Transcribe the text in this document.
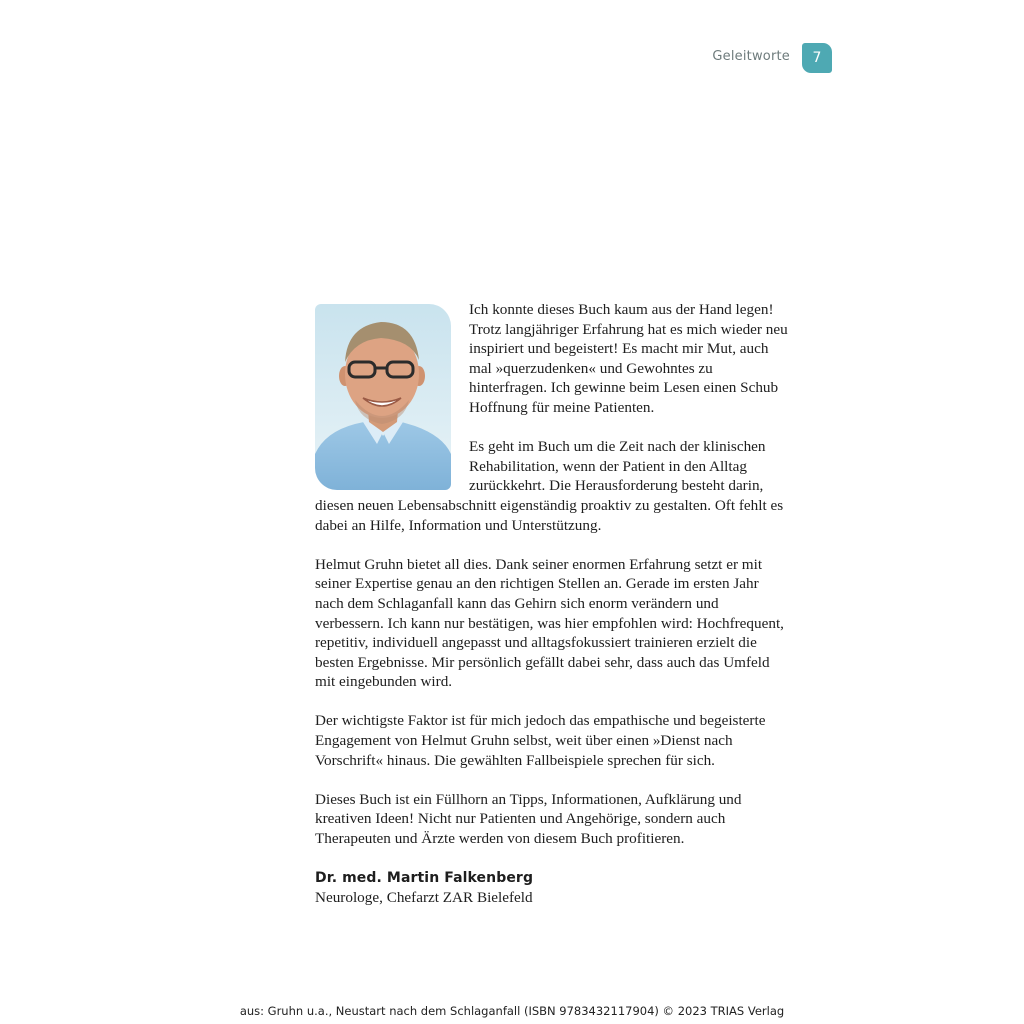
Geleitworte	7

Ich konnte dieses Buch kaum aus der Hand legen! Trotz langjähriger Erfahrung hat es mich wieder neu inspiriert und begeistert! Es macht mir Mut, auch mal »querzudenken« und Gewohntes zu hinterfragen. Ich gewinne beim Lesen einen Schub Hoffnung für meine Patienten.

Es geht im Buch um die Zeit nach der klinischen Rehabilitation, wenn der Patient in den Alltag zurückkehrt. Die Herausforderung besteht darin, diesen neuen Lebensabschnitt eigenständig proaktiv zu gestalten. Oft fehlt es dabei an Hilfe, Information und Unterstützung.

Helmut Gruhn bietet all dies. Dank seiner enormen Erfahrung setzt er mit seiner Expertise genau an den richtigen Stellen an. Gerade im ersten Jahr nach dem Schlaganfall kann das Gehirn sich enorm verändern und verbessern. Ich kann nur bestätigen, was hier empfohlen wird: Hochfrequent, repetitiv, individuell angepasst und alltagsfokussiert trainieren erzielt die besten Ergebnisse. Mir persönlich gefällt dabei sehr, dass auch das Umfeld mit eingebunden wird.

Der wichtigste Faktor ist für mich jedoch das empathische und begeisterte Engagement von Helmut Gruhn selbst, weit über einen »Dienst nach Vorschrift« hinaus. Die gewählten Fallbeispiele sprechen für sich.

Dieses Buch ist ein Füllhorn an Tipps, Informationen, Aufklärung und kreativen Ideen! Nicht nur Patienten und Angehörige, sondern auch Therapeuten und Ärzte werden von diesem Buch profitieren.

Dr. med. Martin Falkenberg
Neurologe, Chefarzt ZAR Bielefeld
aus: Gruhn u.a., Neustart nach dem Schlaganfall (ISBN 9783432117904) © 2023 TRIAS Verlag
